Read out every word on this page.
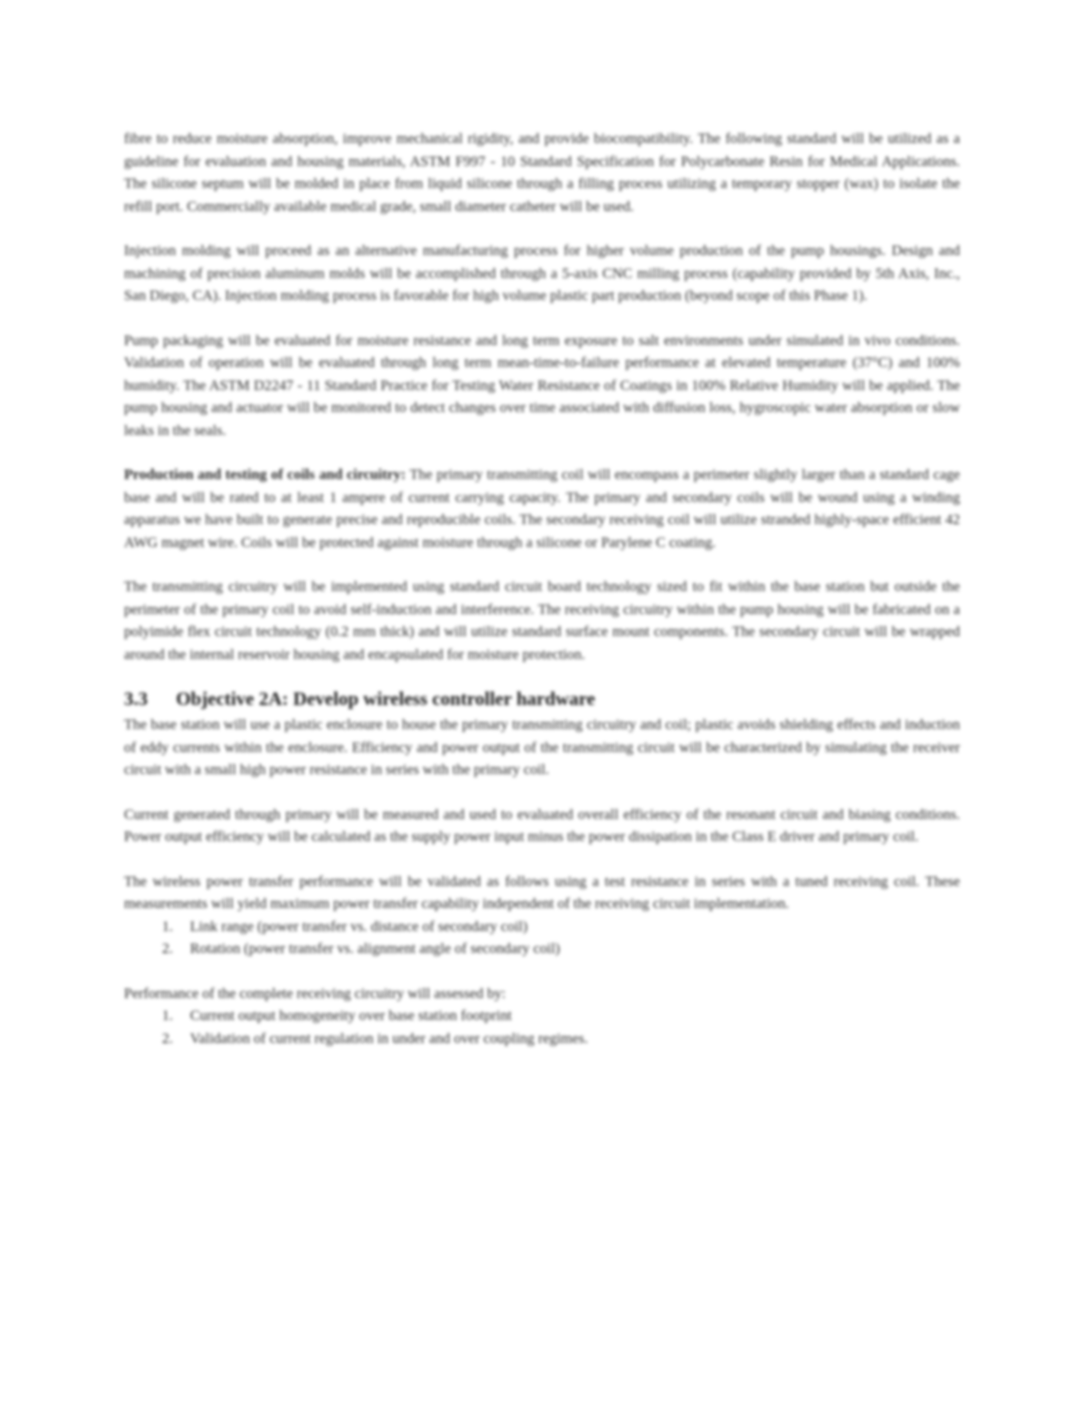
fibre to reduce moisture absorption, improve mechanical rigidity, and provide biocompatibility. The following standard will be utilized as a guideline for evaluation and housing materials, ASTM F997 - 10 Standard Specification for Polycarbonate Resin for Medical Applications. The silicone septum will be molded in place from liquid silicone through a filling process utilizing a temporary stopper (wax) to isolate the refill port. Commercially available medical grade, small diameter catheter will be used.

Injection molding will proceed as an alternative manufacturing process for higher volume production of the pump housings. Design and machining of precision aluminum molds will be accomplished through a 5-axis CNC milling process (capability provided by 5th Axis, Inc., San Diego, CA). Injection molding process is favorable for high volume plastic part production (beyond scope of this Phase 1).

Pump packaging will be evaluated for moisture resistance and long term exposure to salt environments under simulated in vivo conditions. Validation of operation will be evaluated through long term mean-time-to-failure performance at elevated temperature (37°C) and 100% humidity. The ASTM D2247 - 11 Standard Practice for Testing Water Resistance of Coatings in 100% Relative Humidity will be applied. The pump housing and actuator will be monitored to detect changes over time associated with diffusion loss, hygroscopic water absorption or slow leaks in the seals.

Production and testing of coils and circuitry: The primary transmitting coil will encompass a perimeter slightly larger than a standard cage base and will be rated to at least 1 ampere of current carrying capacity. The primary and secondary coils will be wound using a winding apparatus we have built to generate precise and reproducible coils. The secondary receiving coil will utilize stranded highly-space efficient 42 AWG magnet wire. Coils will be protected against moisture through a silicone or Parylene C coating.

The transmitting circuitry will be implemented using standard circuit board technology sized to fit within the base station but outside the perimeter of the primary coil to avoid self-induction and interference. The receiving circuitry within the pump housing will be fabricated on a polyimide flex circuit technology (0.2 mm thick) and will utilize standard surface mount components. The secondary circuit will be wrapped around the internal reservoir housing and encapsulated for moisture protection.

3.3 Objective 2A: Develop wireless controller hardware

The base station will use a plastic enclosure to house the primary transmitting circuitry and coil; plastic avoids shielding effects and induction of eddy currents within the enclosure. Efficiency and power output of the transmitting circuit will be characterized by simulating the receiver circuit with a small high power resistance in series with the primary coil.

Current generated through primary will be measured and used to evaluated overall efficiency of the resonant circuit and biasing conditions. Power output efficiency will be calculated as the supply power input minus the power dissipation in the Class E driver and primary coil.

The wireless power transfer performance will be validated as follows using a test resistance in series with a tuned receiving coil. These measurements will yield maximum power transfer capability independent of the receiving circuit implementation.

1. Link range (power transfer vs. distance of secondary coil)
2. Rotation (power transfer vs. alignment angle of secondary coil)

Performance of the complete receiving circuitry will assessed by:

1. Current output homogeneity over base station footprint
2. Validation of current regulation in under and over coupling regimes.
